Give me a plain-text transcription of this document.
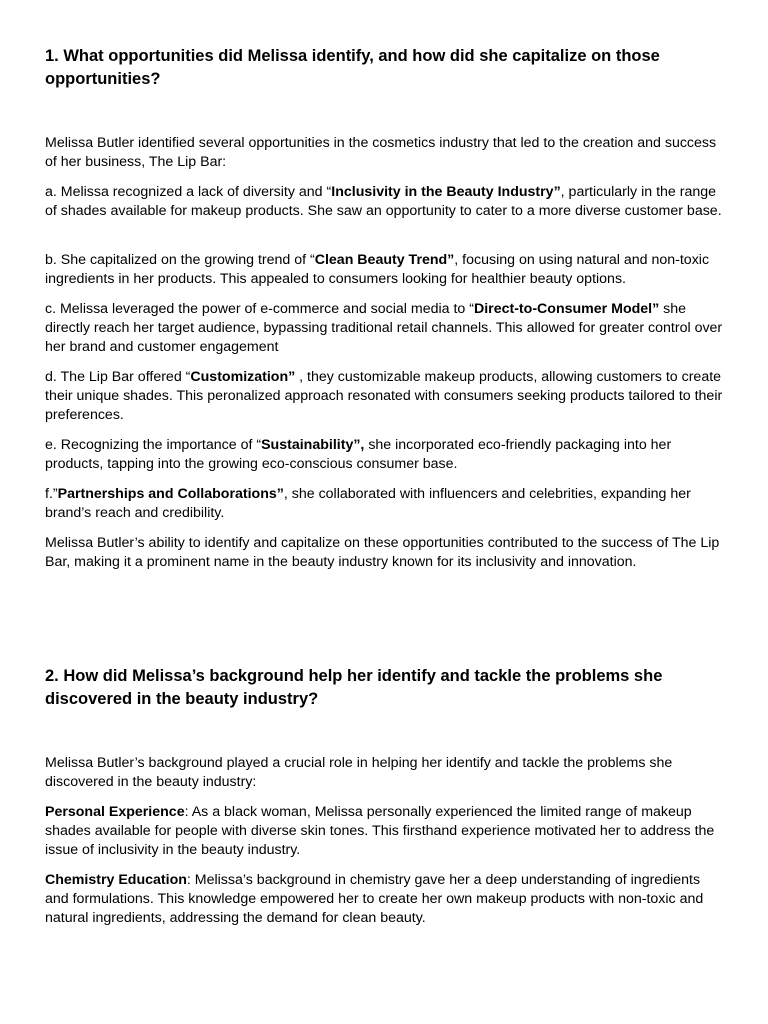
1. What opportunities did Melissa identify, and how did she capitalize on those opportunities?

Melissa Butler identified several opportunities in the cosmetics industry that led to the creation and success of her business, The Lip Bar:

a. Melissa recognized a lack of diversity and “Inclusivity in the Beauty Industry”, particularly in the range of shades available for makeup products. She saw an opportunity to cater to a more diverse customer base.

b. She capitalized on the growing trend of “Clean Beauty Trend”, focusing on using natural and non-toxic ingredients in her products. This appealed to consumers looking for healthier beauty options.

c. Melissa leveraged the power of e-commerce and social media to “Direct-to-Consumer Model” she directly reach her target audience, bypassing traditional retail channels. This allowed for greater control over her brand and customer engagement

d. The Lip Bar offered “Customization” , they customizable makeup products, allowing customers to create their unique shades. This peronalized approach resonated with consumers seeking products tailored to their preferences.

e. Recognizing the importance of “Sustainability”, she incorporated eco-friendly packaging into her products, tapping into the growing eco-conscious consumer base.

f.”Partnerships and Collaborations”, she collaborated with influencers and celebrities, expanding her brand’s reach and credibility.

Melissa Butler’s ability to identify and capitalize on these opportunities contributed to the success of The Lip Bar, making it a prominent name in the beauty industry known for its inclusivity and innovation.

2. How did Melissa’s background help her identify and tackle the problems she discovered in the beauty industry?

Melissa Butler’s background played a crucial role in helping her identify and tackle the problems she discovered in the beauty industry:

Personal Experience: As a black woman, Melissa personally experienced the limited range of makeup shades available for people with diverse skin tones. This firsthand experience motivated her to address the issue of inclusivity in the beauty industry.

Chemistry Education: Melissa’s background in chemistry gave her a deep understanding of ingredients and formulations. This knowledge empowered her to create her own makeup products with non-toxic and natural ingredients, addressing the demand for clean beauty.
